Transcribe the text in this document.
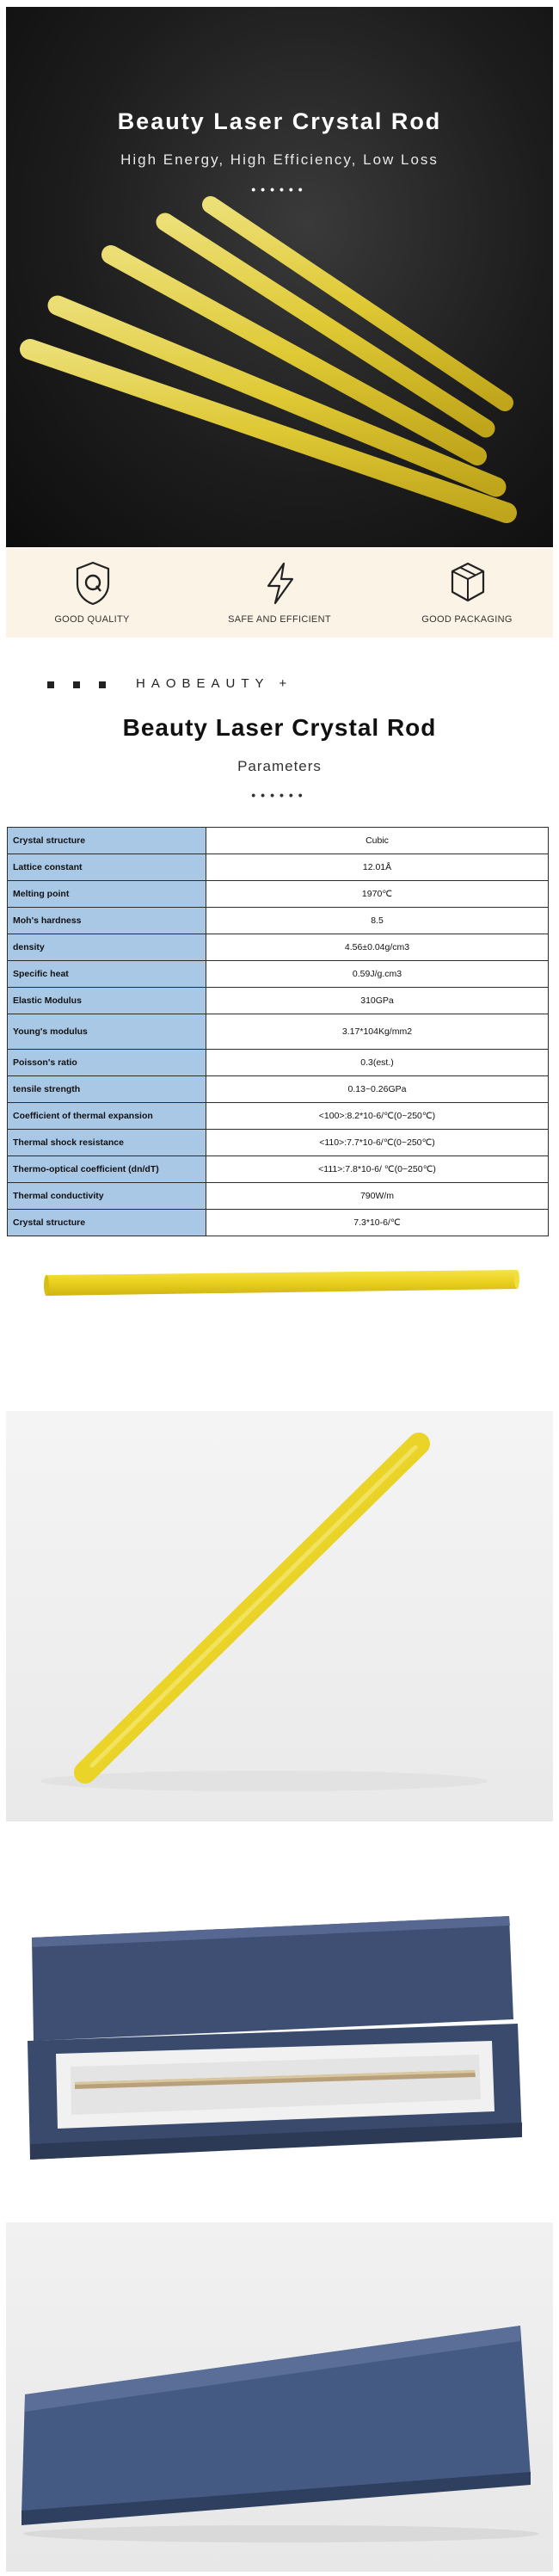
Beauty Laser Crystal Rod
High Energy, High Efficiency, Low Loss
••••••
GOOD QUALITY	SAFE AND EFFICIENT	GOOD PACKAGING
HAOBEAUTY +
Beauty Laser Crystal Rod
Parameters
••••••
Crystal structure	Cubic
Lattice constant	12.01Å
Melting point	1970℃
Moh's hardness	8.5
density	4.56±0.04g/cm3
Specific heat	0.59J/g.cm3
Elastic Modulus	310GPa
Young's modulus	3.17*104Kg/mm2
Poisson's ratio	0.3(est.)
tensile strength	0.13~0.26GPa
Coefficient of thermal expansion	<100>:8.2*10-6/℃(0~250℃)
Thermal shock resistance	<110>:7.7*10-6/℃(0~250℃)
Thermo-optical coefficient (dn/dT)	<111>:7.8*10-6/ ℃(0~250℃)
Thermal conductivity	790W/m
Crystal structure	7.3*10-6/℃
